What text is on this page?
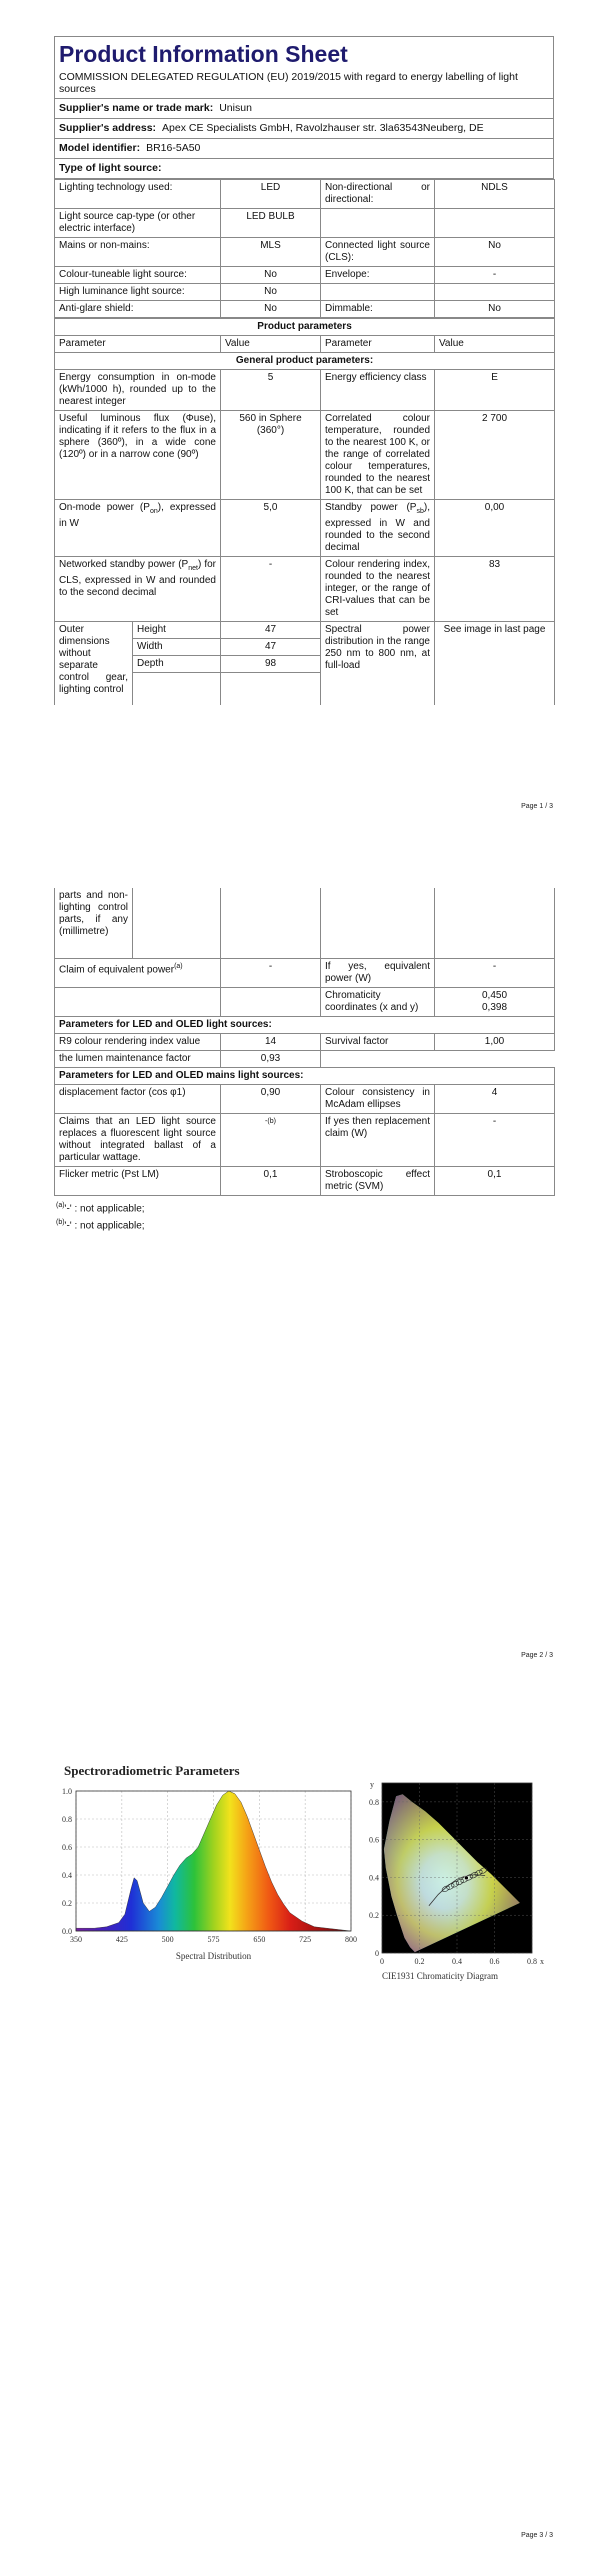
Product Information Sheet
COMMISSION DELEGATED REGULATION (EU) 2019/2015 with regard to energy labelling of light sources
Supplier's name or trade mark: Unisun
Supplier's address: Apex CE Specialists GmbH, Ravolzhauser str. 3la63543Neuberg, DE
Model identifier: BR16-5A50
Type of light source:
Lighting technology used:	LED	Non-directional or directional:	NDLS
Light source cap-type (or other electric interface)	LED BULB		
Mains or non-mains:	MLS	Connected light source (CLS):	No
Colour-tuneable light source:	No	Envelope:	-
High luminance light source:	No		
Anti-glare shield:	No	Dimmable:	No
Product parameters				
Parameter		Value	Parameter	Value
General product parameters:				
Energy consumption in on-mode (kWh/1000 h), rounded up to the nearest integer		5	Energy efficiency class	E
Useful luminous flux (Φuse), indicating if it refers to the flux in a sphere (360º), in a wide cone (120º) or in a narrow cone (90º)		560 in Sphere (360°)	Correlated colour temperature, rounded to the nearest 100 K, or the range of correlated colour temperatures, rounded to the nearest 100 K, that can be set	2 700
On-mode power $(P_{on})$, expressed in W		5,0	Standby power $(P_{sb})$, expressed in W and rounded to the second decimal	0,00
Networked standby power $(P_{net})$ for CLS, expressed in W and rounded to the second decimal		-	Colour rendering index, rounded to the nearest integer, or the range of CRI-values that can be set	83
Outer dimensions without separate control gear, lighting control	Height	47	Spectral power distribution in the range 250 nm to 800 nm, at full-load	See image in last page
	Width	47		
	Depth	98		

Page 1 / 3
parts and non-lighting control parts, if any (millimetre)				
Claim of equivalent power$^{(a)}$		-	If yes, equivalent power (W)	-
			Chromaticity coordinates (x and y)	0,450
0,398

Parameters for LED and OLED light sources:				
R9 colour rendering index value		14	Survival factor	1,00
the lumen maintenance factor		0,93		
Parameters for LED and OLED mains light sources:				
displacement factor (cos φ1)		0,90	Colour consistency in McAdam ellipses	4
Claims that an LED light source replaces a fluorescent light source without integrated ballast of a particular wattage.		$^{-(b)}$	If yes then replacement claim (W)	-
Flicker metric (Pst LM)		0,1	Stroboscopic effect metric (SVM)	0,1
$^{(a)}$'-' : not applicable;
$^{(b)}$'-' : not applicable;
Page 2 / 3
Spectroradiometric Parameters
0.0
0.2
0.4
0.6
0.8
1.0
350	425	500	575	650	725	800
Spectral Distribution	0
0.2
0.4
0.6
0.8
0	0.2	0.4	0.6	0.8 x
y
CIE1931 Chromaticity Diagram
Page 3 / 3
